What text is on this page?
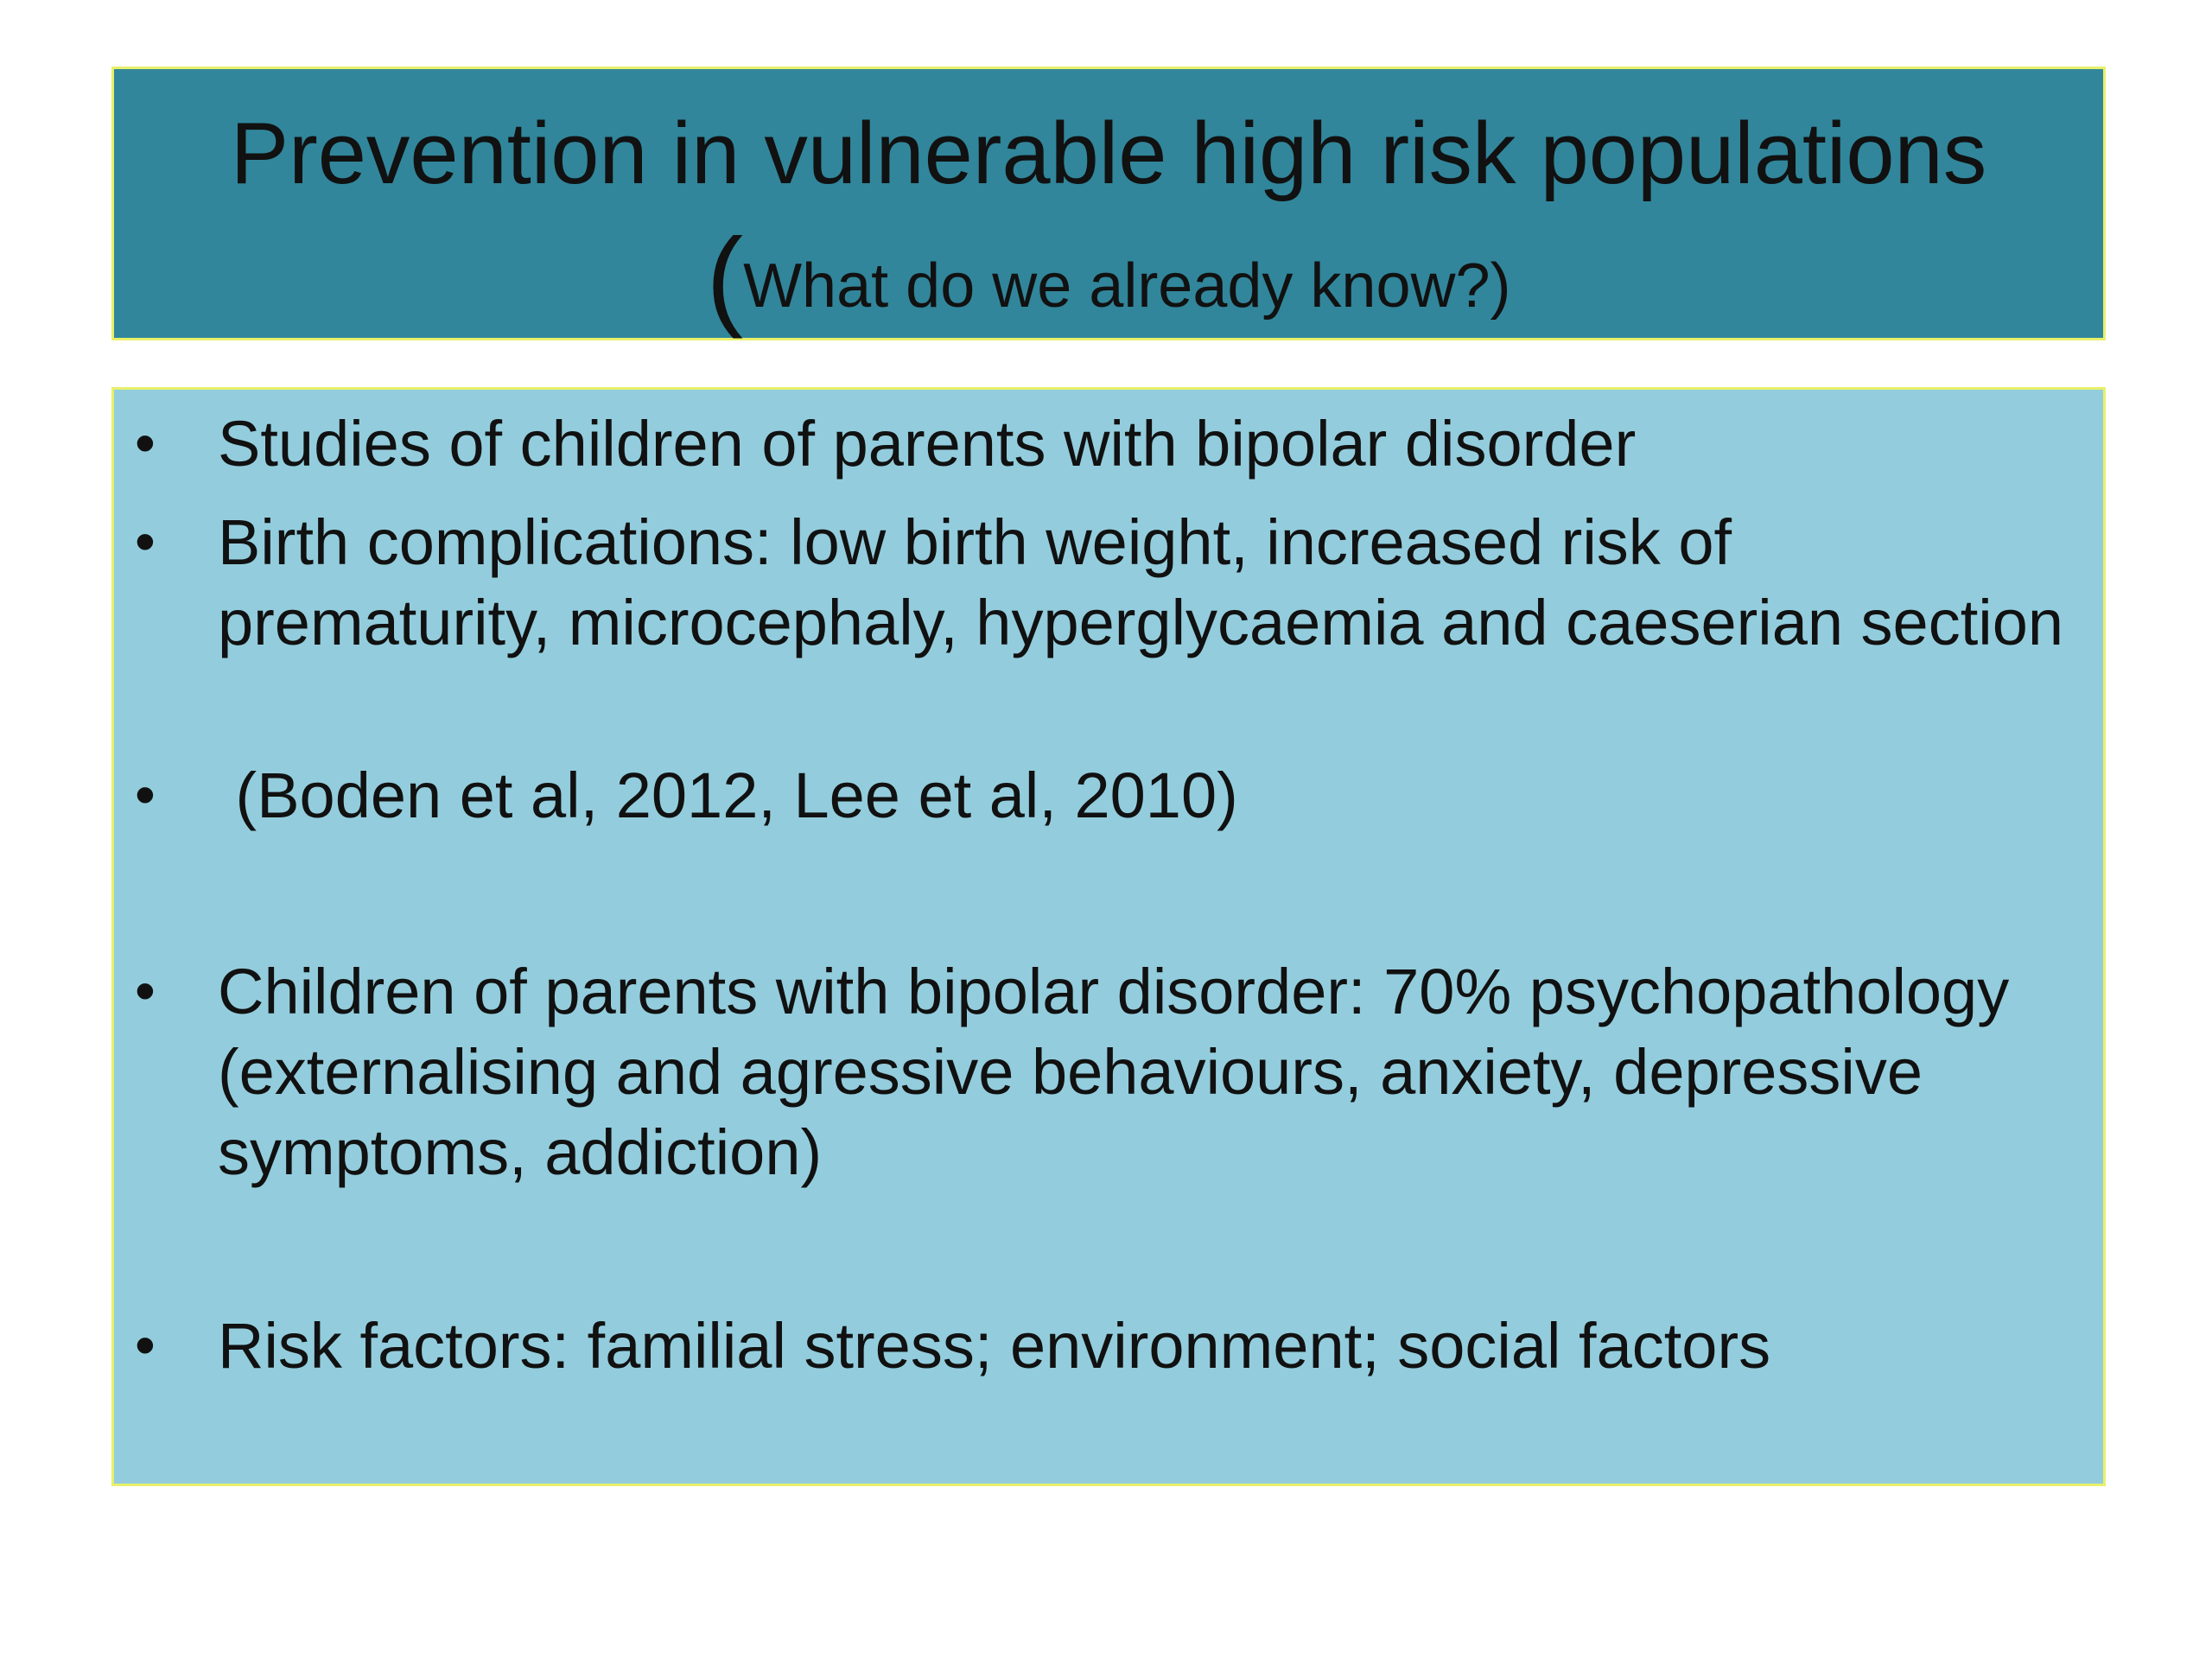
Prevention in vulnerable high risk populations
(What do we already know?)
• Studies of children of parents with bipolar disorder
• Birth complications: low birth weight, increased risk of prematurity, microcephaly, hyperglycaemia and caeserian section
• (Boden et al, 2012, Lee et al, 2010)
• Children of parents with bipolar disorder: 70% psychopathology (externalising and agressive behaviours, anxiety, depressive symptoms, addiction)
• Risk factors: familial stress; environment; social factors
